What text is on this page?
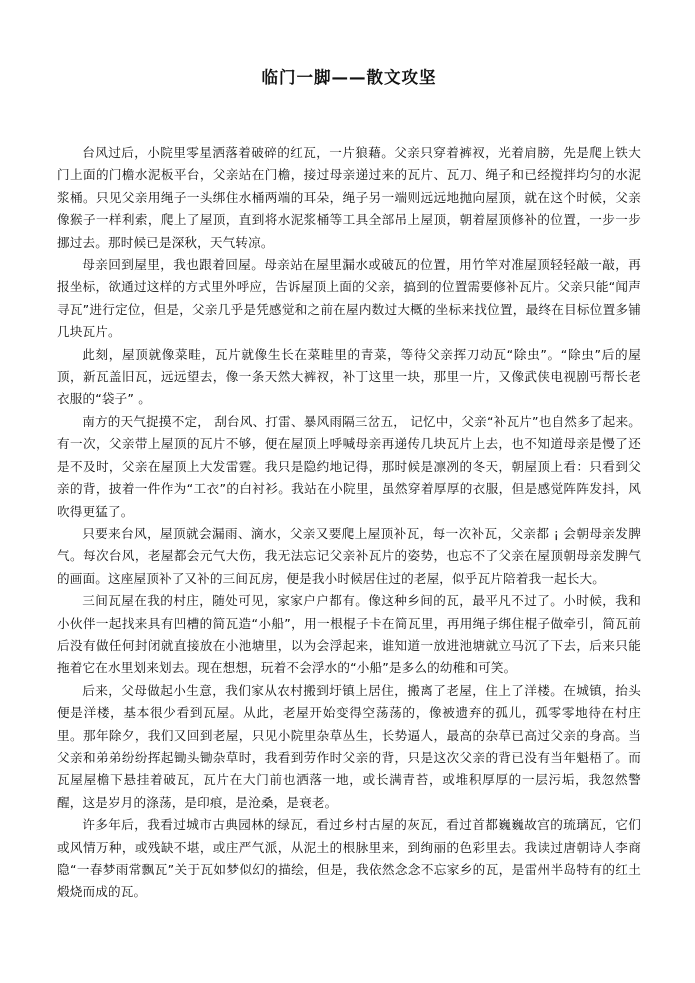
临门一脚——散文攻坚

台风过后，小院里零星洒落着破碎的红瓦，一片狼藉。父亲只穿着裤衩，光着肩膀，先是爬上铁大门上面的门檐水泥板平台，父亲站在门檐，接过母亲递过来的瓦片、瓦刀、绳子和已经搅拌均匀的水泥浆桶。只见父亲用绳子一头绑住水桶两端的耳朵，绳子另一端则远远地抛向屋顶，就在这个时候，父亲像猴子一样利索，爬上了屋顶，直到将水泥浆桶等工具全部吊上屋顶，朝着屋顶修补的位置，一步一步挪过去。那时候已是深秋，天气转凉。

母亲回到屋里，我也跟着回屋。母亲站在屋里漏水或破瓦的位置，用竹竿对准屋顶轻轻敲一敲，再报坐标，欲通过这样的方式里外呼应，告诉屋顶上面的父亲，搞到的位置需要修补瓦片。父亲只能“闻声寻瓦”进行定位，但是，父亲几乎是凭感觉和之前在屋内数过大概的坐标来找位置，最终在目标位置多铺几块瓦片。

此刻，屋顶就像菜畦，瓦片就像生长在菜畦里的青菜，等待父亲挥刀动瓦“除虫”。“除虫”后的屋顶，新瓦盖旧瓦，远远望去，像一条天然大裤衩，补丁这里一块，那里一片，又像武侠电视剧丐帮长老衣服的“袋子” 。

南方的天气捉摸不定， 刮台风、打雷、暴风雨隔三岔五， 记忆中，父亲“补瓦片”也自然多了起来。有一次，父亲带上屋顶的瓦片不够，便在屋顶上呼喊母亲再递传几块瓦片上去，也不知道母亲是慢了还是不及时，父亲在屋顶上大发雷霆。我只是隐约地记得，那时候是凛冽的冬天，朝屋顶上看：只看到父亲的背，披着一件作为“工衣”的白衬衫。我站在小院里，虽然穿着厚厚的衣服，但是感觉阵阵发抖，风吹得更猛了。

只要来台风，屋顶就会漏雨、滴水，父亲又要爬上屋顶补瓦，每一次补瓦，父亲都 ¡ 会朝母亲发脾气。每次台风，老屋都会元气大伤，我无法忘记父亲补瓦片的姿势，也忘不了父亲在屋顶朝母亲发脾气的画面。这座屋顶补了又补的三间瓦房，便是我小时候居住过的老屋，似乎瓦片陪着我一起长大。

三间瓦屋在我的村庄，随处可见，家家户户都有。像这种乡间的瓦，最平凡不过了。小时候，我和小伙伴一起找来具有凹槽的简瓦造“小船”，用一根棍子卡在简瓦里，再用绳子绑住棍子做牵引，简瓦前后没有做任何封闭就直接放在小池塘里，以为会浮起来，谁知道一放进池塘就立马沉了下去，后来只能拖着它在水里划来划去。现在想想，玩着不会浮水的“小船”是多么的幼稚和可笑。

后来，父母做起小生意，我们家从农村搬到圩镇上居住，搬离了老屋，住上了洋楼。在城镇，抬头便是洋楼，基本很少看到瓦屋。从此，老屋开始变得空荡荡的，像被遗弃的孤儿，孤零零地待在村庄里。那年除夕，我们又回到老屋，只见小院里杂草丛生，长势逼人，最高的杂草已高过父亲的身高。当父亲和弟弟纷纷挥起锄头锄杂草时，我看到劳作时父亲的背，只是这次父亲的背已没有当年魁梧了。而瓦屋屋檐下悬挂着破瓦，瓦片在大门前也洒落一地，或长满青苔，或堆积厚厚的一层污垢，我忽然警醒，这是岁月的涤荡，是印痕，是沧桑，是衰老。

许多年后，我看过城市古典园林的绿瓦，看过乡村古屋的灰瓦，看过首都巍巍故宫的琉璃瓦，它们或风情万种，或残缺不堪，或庄严气派，从泥土的根脉里来，到绚丽的色彩里去。我读过唐朝诗人李商隐“一春梦雨常飘瓦”关于瓦如梦似幻的描绘，但是，我依然念念不忘家乡的瓦，是雷州半岛特有的红土煅烧而成的瓦。
